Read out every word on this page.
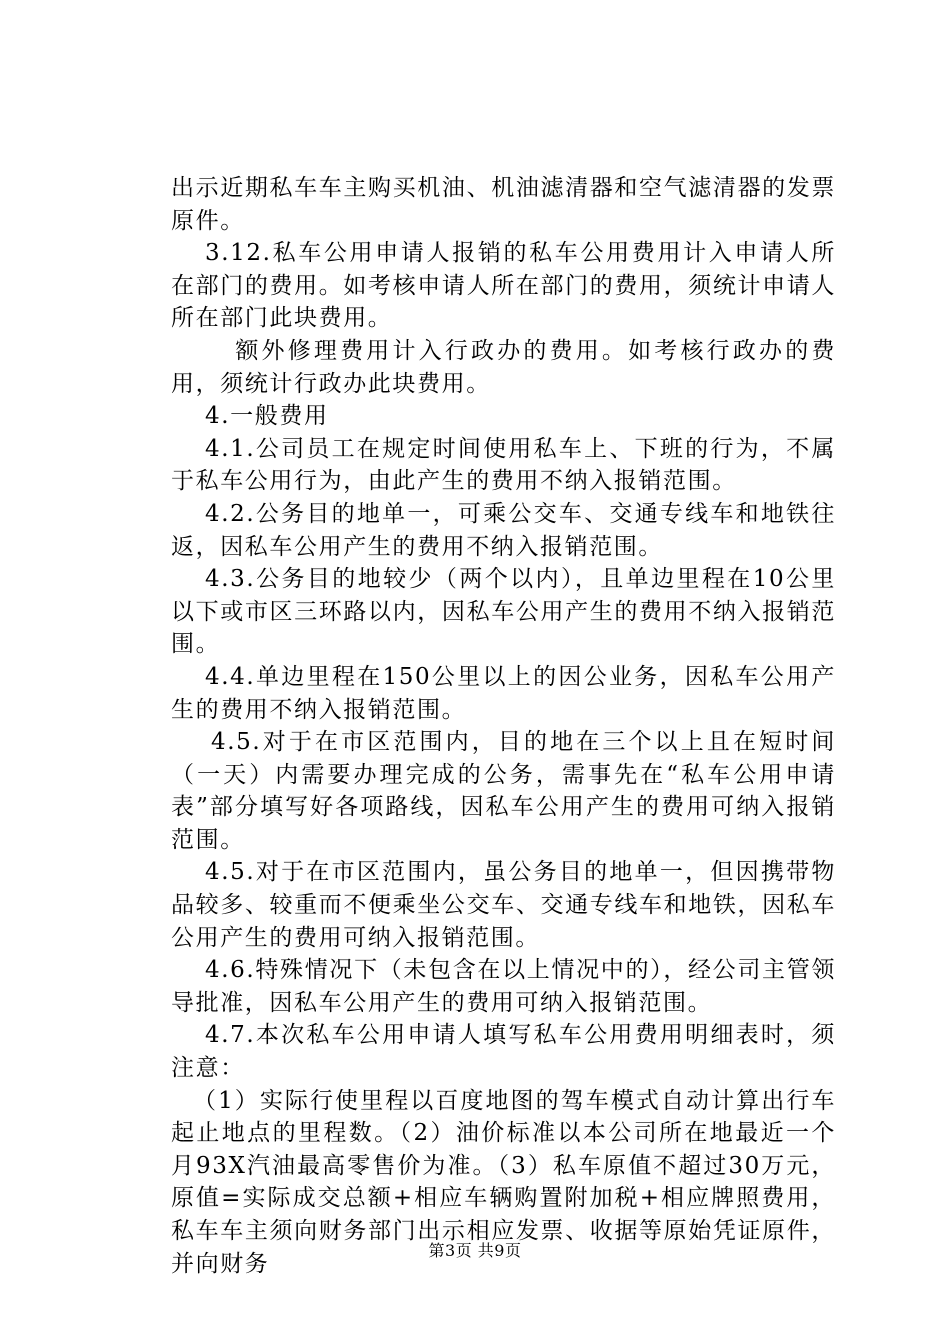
出示近期私车车主购买机油、机油滤清器和空气滤清器的发票原件。

3.12.私车公用申请人报销的私车公用费用计入申请人所在部门的费用。如考核申请人所在部门的费用，须统计申请人所在部门此块费用。

　　额外修理费用计入行政办的费用。如考核行政办的费用，须统计行政办此块费用。

4.一般费用

4.1.公司员工在规定时间使用私车上、下班的行为，不属于私车公用行为，由此产生的费用不纳入报销范围。

4.2.公务目的地单一，可乘公交车、交通专线车和地铁往返，因私车公用产生的费用不纳入报销范围。

4.3.公务目的地较少（两个以内），且单边里程在10公里以下或市区三环路以内，因私车公用产生的费用不纳入报销范围。

4.4.单边里程在150公里以上的因公业务，因私车公用产生的费用不纳入报销范围。

4.5.对于在市区范围内，目的地在三个以上且在短时间（一天）内需要办理完成的公务，需事先在“私车公用申请表”部分填写好各项路线，因私车公用产生的费用可纳入报销范围。

4.5.对于在市区范围内，虽公务目的地单一，但因携带物品较多、较重而不便乘坐公交车、交通专线车和地铁，因私车公用产生的费用可纳入报销范围。

4.6.特殊情况下（未包含在以上情况中的），经公司主管领导批准，因私车公用产生的费用可纳入报销范围。

4.7.本次私车公用申请人填写私车公用费用明细表时，须注意：

（1）实际行使里程以百度地图的驾车模式自动计算出行车起止地点的里程数。（2）油价标准以本公司所在地最近一个月93X汽油最高零售价为准。（3）私车原值不超过30万元，原值=实际成交总额+相应车辆购置附加税+相应牌照费用，私车车主须向财务部门出示相应发票、收据等原始凭证原件，并向财务

第3页 共9页
